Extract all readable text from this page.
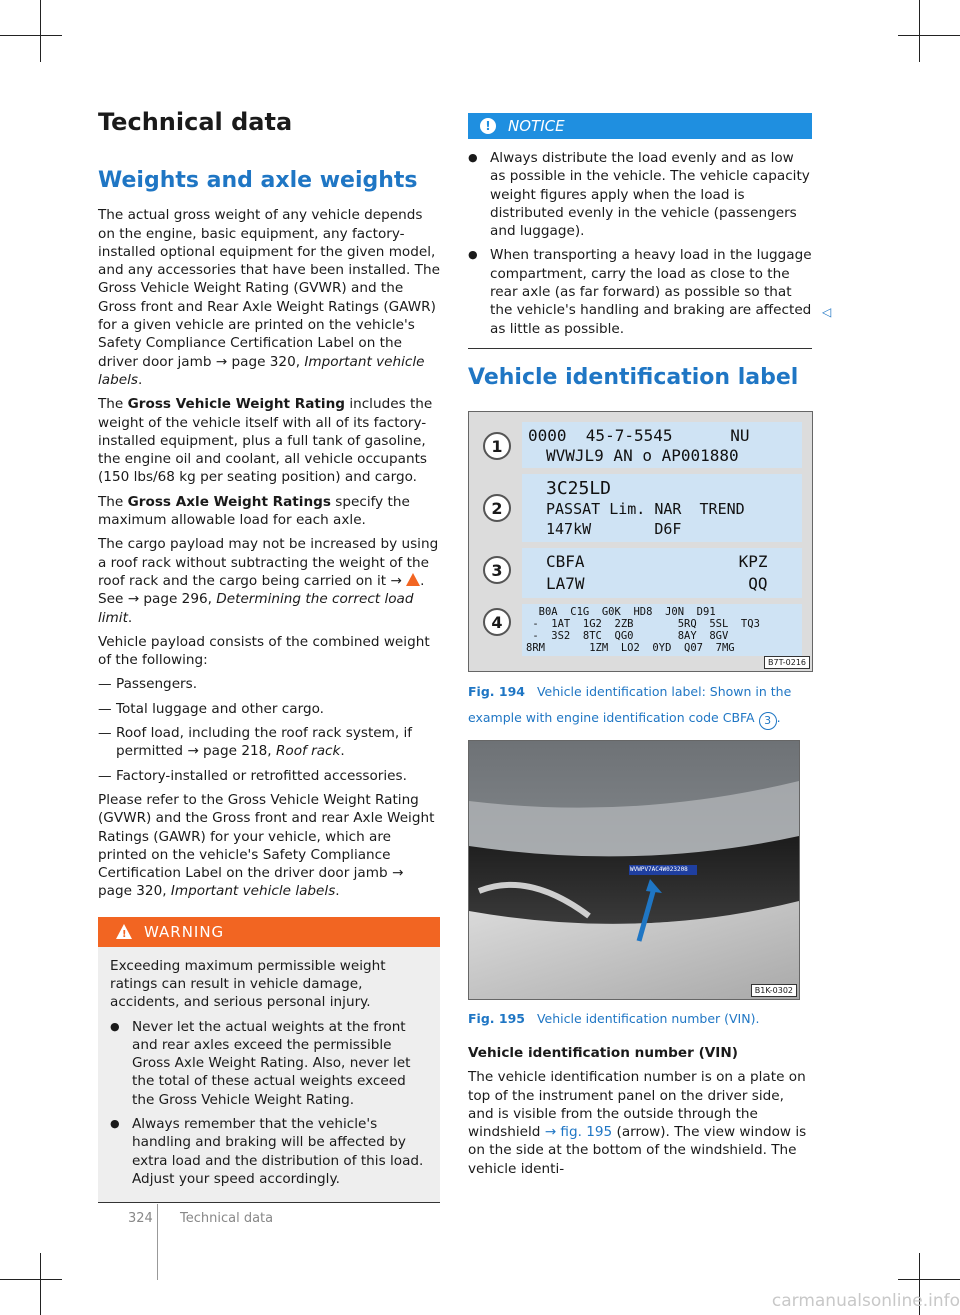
Technical data
Weights and axle weights

The actual gross weight of any vehicle depends on the engine, basic equipment, any factory-installed optional equipment for the given model, and any accessories that have been installed. The Gross Vehicle Weight Rating (GVWR) and the Gross front and Rear Axle Weight Ratings (GAWR) for a given vehicle are printed on the vehicle's Safety Compliance Certification Label on the driver door jamb → page 320, Important vehicle labels.

The Gross Vehicle Weight Rating includes the weight of the vehicle itself with all of its factory-installed equipment, plus a full tank of gasoline, the engine oil and coolant, all vehicle occupants (150 lbs/68 kg per seating position) and cargo.

The Gross Axle Weight Ratings specify the maximum allowable load for each axle.

The cargo payload may not be increased by using a roof rack without subtracting the weight of the roof rack and the cargo being carried on it → . See → page 296, Determining the correct load limit.

Vehicle payload consists of the combined weight of the following:

— Passengers.
— Total luggage and other cargo.
— Roof load, including the roof rack system, if permitted → page 218, Roof rack.
— Factory-installed or retrofitted accessories.

Please refer to the Gross Vehicle Weight Rating (GVWR) and the Gross front and rear Axle Weight Ratings (GAWR) for your vehicle, which are printed on the vehicle's Safety Compliance Certification Label on the driver door jamb → page 320, Important vehicle labels.

!
WARNING

Exceeding maximum permissible weight ratings can result in vehicle damage, accidents, and serious personal injury.

● Never let the actual weights at the front and rear axles exceed the permissible Gross Axle Weight Rating. Also, never let the total of these actual weights exceed the Gross Vehicle Weight Rating.
● Always remember that the vehicle's handling and braking will be affected by extra load and the distribution of this load. Adjust your speed accordingly.
!	NOTICE
● Always distribute the load evenly and as low as possible in the vehicle. The vehicle capacity weight figures apply when the load is distributed evenly in the vehicle (passengers and luggage).
● When transporting a heavy load in the luggage compartment, carry the load as close to the rear axle (as far forward) as possible so that the vehicle's handling and braking are affected as little as possible.
◁
Vehicle identification label
0000  45-7-5545      NU
WVWJL9 AN o AP001880
3C25LD
PASSAT Lim. NAR  TREND
147kW       D6F
CBFA                KPZ
LA7W                 QQ
B0A  C1G  G0K  HD8  J0N  D91
-  1AT  1G2  2ZB       5RQ  5SL  TQ3
-  3S2  8TC  QG0       8AY  8GV
8RM       1ZM  LO2  0YD  Q07  7MG
1
2
3
4
B7T-0216
Fig. 194 Vehicle identification label: Shown in the example with engine identification code CBFA 3 .
WVWPV7AC4W023208
B1K-0302
Fig. 195 Vehicle identification number (VIN).

Vehicle identification number (VIN)

The vehicle identification number is on a plate on top of the instrument panel on the driver side, and is visible from the outside through the windshield → fig. 195 (arrow). The view window is on the side at the bottom of the windshield. The vehicle identi-

324 Technical data
carmanualsonline.info
